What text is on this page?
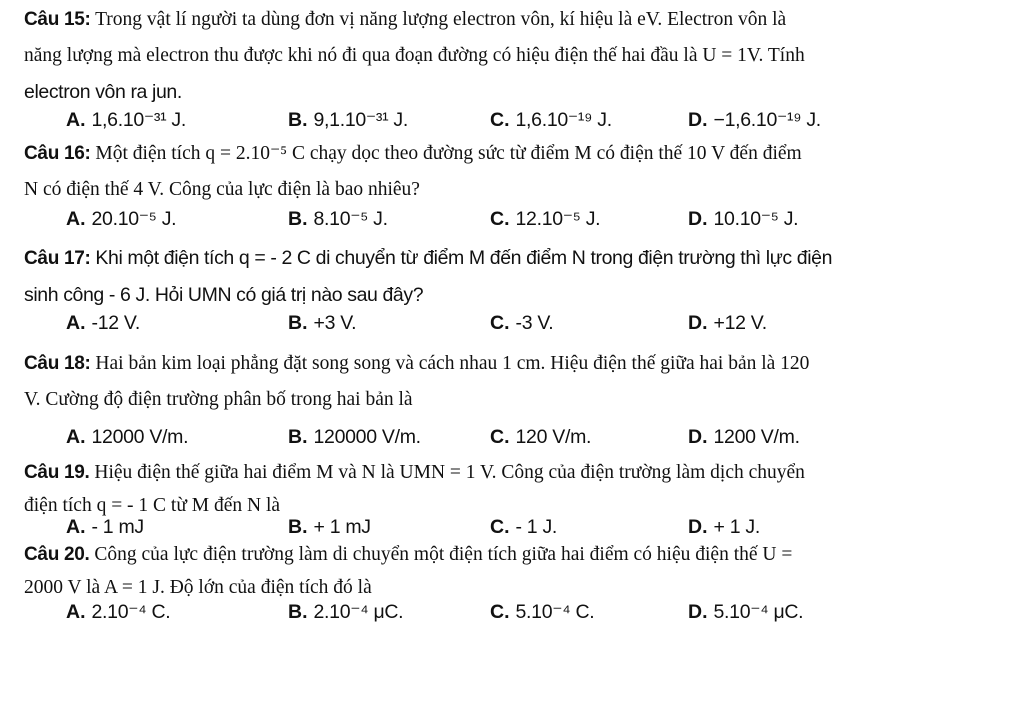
Câu 15: Trong vật lí người ta dùng đơn vị năng lượng electron vôn, kí hiệu là eV. Electron vôn là
năng lượng mà electron thu được khi nó đi qua đoạn đường có hiệu điện thế hai đầu là U = 1V. Tính
electron vôn ra jun.
A. 1,6.10⁻³¹ J.	B. 9,1.10⁻³¹ J.	C. 1,6.10⁻¹⁹ J.	D. −1,6.10⁻¹⁹ J.
Câu 16: Một điện tích q = 2.10⁻⁵ C chạy dọc theo đường sức từ điểm M có điện thế 10 V đến điểm
N có điện thế 4 V. Công của lực điện là bao nhiêu?
A. 20.10⁻⁵ J.	B. 8.10⁻⁵ J.	C. 12.10⁻⁵ J.	D. 10.10⁻⁵ J.
Câu 17: Khi một điện tích q = - 2 C di chuyển từ điểm M đến điểm N trong điện trường thì lực điện
sinh công - 6 J. Hỏi UMN có giá trị nào sau đây?
A. -12 V.	B. +3 V.	C. -3 V.	D. +12 V.
Câu 18: Hai bản kim loại phẳng đặt song song và cách nhau 1 cm. Hiệu điện thế giữa hai bản là 120
V. Cường độ điện trường phân bố trong hai bản là
A. 12000 V/m.	B. 120000 V/m.	C. 120 V/m.	D. 1200 V/m.
Câu 19. Hiệu điện thế giữa hai điểm M và N là UMN = 1 V. Công của điện trường làm dịch chuyển
điện tích q = - 1 C từ M đến N là
A. - 1 mJ	B. + 1 mJ	C. - 1 J.	D. + 1 J.
Câu 20. Công của lực điện trường làm di chuyển một điện tích giữa hai điểm có hiệu điện thế U =
2000 V là A = 1 J. Độ lớn của điện tích đó là
A. 2.10⁻⁴ C.	B. 2.10⁻⁴ μC.	C. 5.10⁻⁴ C.	D. 5.10⁻⁴ μC.
